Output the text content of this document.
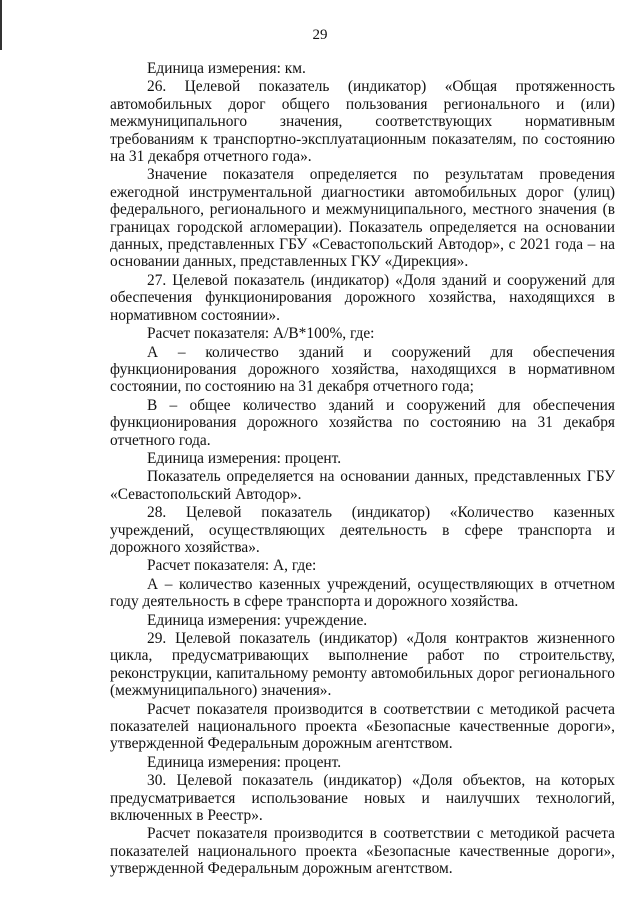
29

Единица измерения: км.

26. Целевой показатель (индикатор) «Общая протяженность автомобильных дорог общего пользования регионального и (или) межмуниципального значения, соответствующих нормативным требованиям к транспортно-эксплуатационным показателям, по состоянию на 31 декабря отчетного года».

Значение показателя определяется по результатам проведения ежегодной инструментальной диагностики автомобильных дорог (улиц) федерального, регионального и межмуниципального, местного значения (в границах городской агломерации). Показатель определяется на основании данных, представленных ГБУ «Севастопольский Автодор», с 2021 года – на основании данных, представленных ГКУ «Дирекция».

27. Целевой показатель (индикатор) «Доля зданий и сооружений для обеспечения функционирования дорожного хозяйства, находящихся в нормативном состоянии».

Расчет показателя: А/В*100%, где:

А – количество зданий и сооружений для обеспечения функционирования дорожного хозяйства, находящихся в нормативном состоянии, по состоянию на 31 декабря отчетного года;

В – общее количество зданий и сооружений для обеспечения функционирования дорожного хозяйства по состоянию на 31 декабря отчетного года.

Единица измерения: процент.

Показатель определяется на основании данных, представленных ГБУ «Севастопольский Автодор».

28. Целевой показатель (индикатор) «Количество казенных учреждений, осуществляющих деятельность в сфере транспорта и дорожного хозяйства».

Расчет показателя: А, где:

А – количество казенных учреждений, осуществляющих в отчетном году деятельность в сфере транспорта и дорожного хозяйства.

Единица измерения: учреждение.

29. Целевой показатель (индикатор) «Доля контрактов жизненного цикла, предусматривающих выполнение работ по строительству, реконструкции, капитальному ремонту автомобильных дорог регионального (межмуниципального) значения».

Расчет показателя производится в соответствии с методикой расчета показателей национального проекта «Безопасные качественные дороги», утвержденной Федеральным дорожным агентством.

Единица измерения: процент.

30. Целевой показатель (индикатор) «Доля объектов, на которых предусматривается использование новых и наилучших технологий, включенных в Реестр».

Расчет показателя производится в соответствии с методикой расчета показателей национального проекта «Безопасные качественные дороги», утвержденной Федеральным дорожным агентством.
